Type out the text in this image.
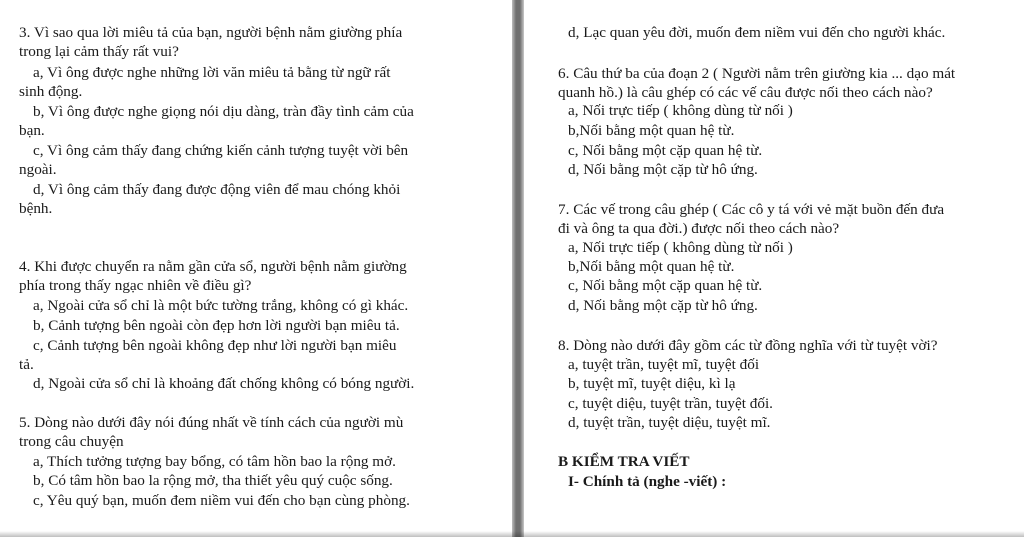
3. Vì sao qua lời miêu tả của bạn, người bệnh nằm giường phía
trong lại cảm thấy rất vui?
a, Vì ông được nghe những lời văn miêu tả bằng từ ngữ rất
sinh động.
b, Vì ông được nghe giọng nói dịu dàng, tràn đầy tình cảm của
bạn.
c, Vì ông cảm thấy đang chứng kiến cảnh tượng tuyệt vời bên
ngoài.
d, Vì ông cảm thấy đang được động viên để mau chóng khỏi
bệnh.
4. Khi được chuyển ra nằm gần cửa sổ, người bệnh nằm giường
phía trong thấy ngạc nhiên về điều gì?
a, Ngoài cửa sổ chỉ là một bức tường trắng, không có gì khác.
b, Cảnh tượng bên ngoài còn đẹp hơn lời người bạn miêu tả.
c, Cảnh tượng bên ngoài không đẹp như lời người bạn miêu
tả.
d, Ngoài cửa sổ chỉ là khoảng đất chống không có bóng người.
5. Dòng nào dưới đây nói đúng nhất về tính cách của người mù
trong câu chuyện
a, Thích tưởng tượng bay bổng, có tâm hồn bao la rộng mở.
b, Có tâm hồn bao la rộng mở, tha thiết yêu quý cuộc sống.
c, Yêu quý bạn, muốn đem niềm vui đến cho bạn cùng phòng.
d, Lạc quan yêu đời, muốn đem niềm vui đến cho người khác.
6. Câu thứ ba của đoạn 2 ( Người nằm trên giường kia ... dạo mát
quanh hồ.) là câu ghép có các vế câu được nối theo cách nào?
a, Nối trực tiếp ( không dùng từ nối )
b,Nối bằng một quan hệ từ.
c, Nối bằng một cặp quan hệ từ.
d, Nối bằng một cặp từ hô ứng.
7. Các vế trong câu ghép ( Các cô y tá với vẻ mặt buồn đến đưa
đi và ông ta qua đời.) được nối theo cách nào?
a, Nối trực tiếp ( không dùng từ nối )
b,Nối bằng một quan hệ từ.
c, Nối bằng một cặp quan hệ từ.
d, Nối bằng một cặp từ hô ứng.
8. Dòng nào dưới đây gồm các từ đồng nghĩa với từ tuyệt vời?
a, tuyệt trần, tuyệt mĩ, tuyệt đối
b, tuyệt mĩ, tuyệt diệu, kì lạ
c, tuyệt diệu, tuyệt trần, tuyệt đối.
d, tuyệt trần, tuyệt diệu, tuyệt mĩ.
B KIỂM TRA VIẾT
I- Chính tả (nghe -viết) :
